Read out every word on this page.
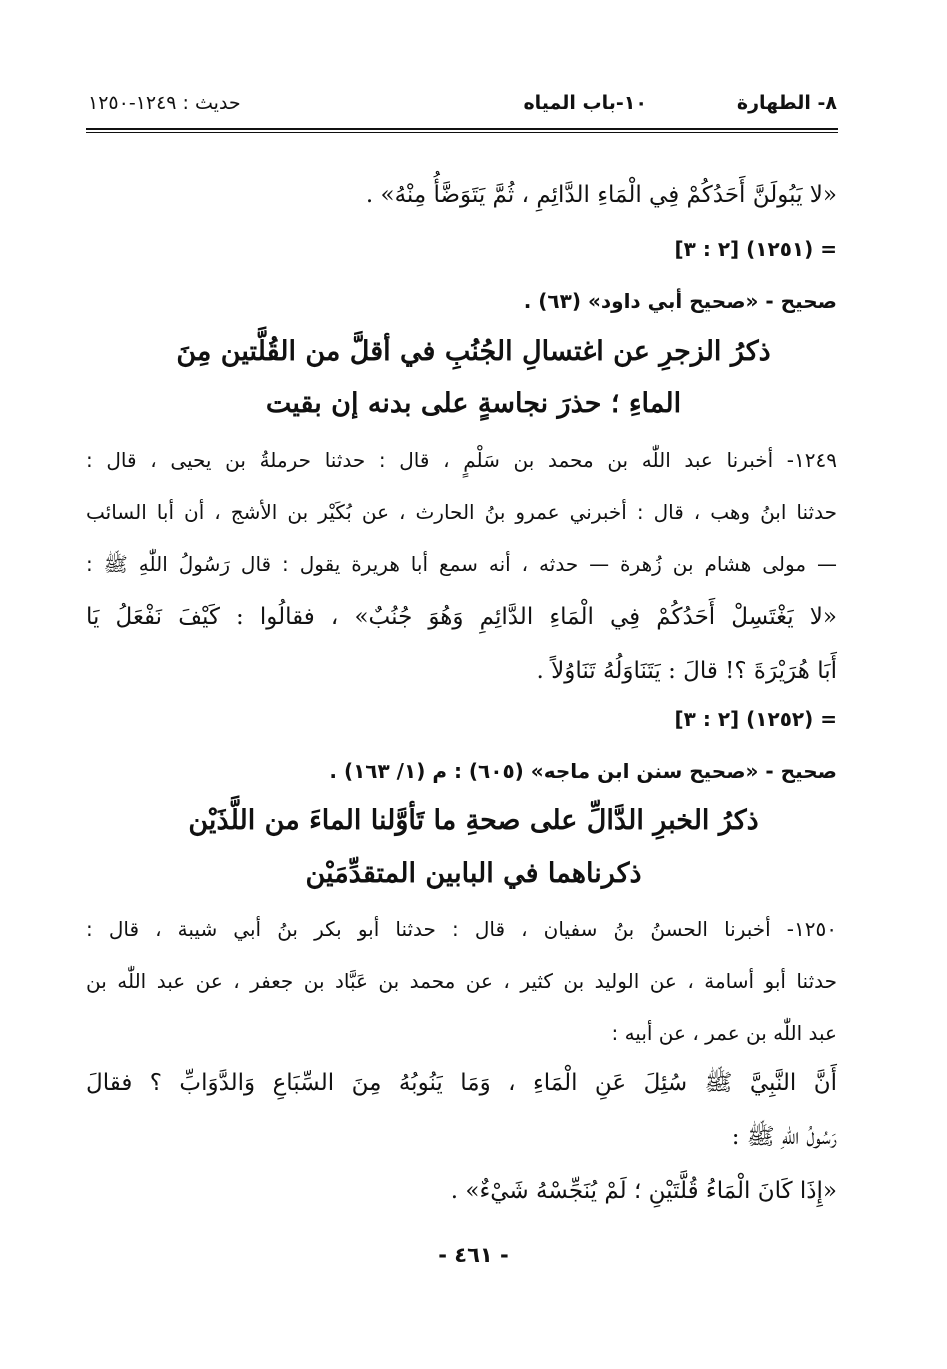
٨- الطهارة
١٠-باب المياه
حديث : ١٢٤٩-١٢٥٠
«لا يَبُولَنَّ أَحَدُكُمْ فِي الْمَاءِ الدَّائِمِ ، ثُمَّ يَتَوَضَّأُ مِنْهُ» .
= (١٢٥١) [٢ : ٣]
صحيح - «صحيح أبي داود» (٦٣) .
ذكرُ الزجرِ عن اغتسالِ الجُنُبِ في أقلَّ من القُلَّتين مِنَ
الماءِ ؛ حذرَ نجاسةٍ على بدنه إن بقيت
١٢٤٩- أخبرنا عبد اللّٰه بن محمد بن سَلْمٍ ، قال : حدثنا حرملةُ بن يحيى ، قال :
حدثنا ابنُ وهب ، قال : أخبرني عمرو بنُ الحارث ، عن بُكَيْر بن الأشج ، أن أبا السائب
— مولى هشام بن زُهرة — حدثه ، أنه سمع أبا هريرة يقول : قال رَسُولُ اللّٰهِ ﷺ :
«لا يَغْتَسِلْ أَحَدُكُمْ فِي الْمَاءِ الدَّائِمِ وَهُوَ جُنُبٌ» ، فقالُوا : كَيْفَ نَفْعَلُ يَا
أَبَا هُرَيْرَةَ ؟! قالَ : يَتَنَاوَلُهُ تَنَاوُلاً .
= (١٢٥٢) [٢ : ٣]
صحيح - «صحيح سنن ابن ماجه» (٦٠٥) : م (١/ ١٦٣) .
ذكرُ الخبرِ الدَّالِّ على صحةِ ما تَأوَّلنا الماءَ من اللَّذَيْن
ذكرناهما في البابين المتقدِّمَيْن
١٢٥٠- أخبرنا الحسنُ بنُ سفيان ، قال : حدثنا أبو بكر بنُ أبي شيبة ، قال :
حدثنا أبو أسامة ، عن الوليد بن كثير ، عن محمد بن عَبَّاد بن جعفر ، عن عبد اللّٰه بن
عبد اللّٰه بن عمر ، عن أبيه :
أَنَّ النَّبِيَّ ﷺ سُئِلَ عَنِ الْمَاءِ ، وَمَا يَنُوبُهُ مِنَ السِّبَاعِ وَالدَّوَابِّ ؟ فقالَ
رَسُولُ اللّٰهِ ﷺ :
«إِذَا كَانَ الْمَاءُ قُلَّتَيْنِ ؛ لَمْ يُنَجِّسْهُ شَيْءٌ» .
- ٤٦١ -
